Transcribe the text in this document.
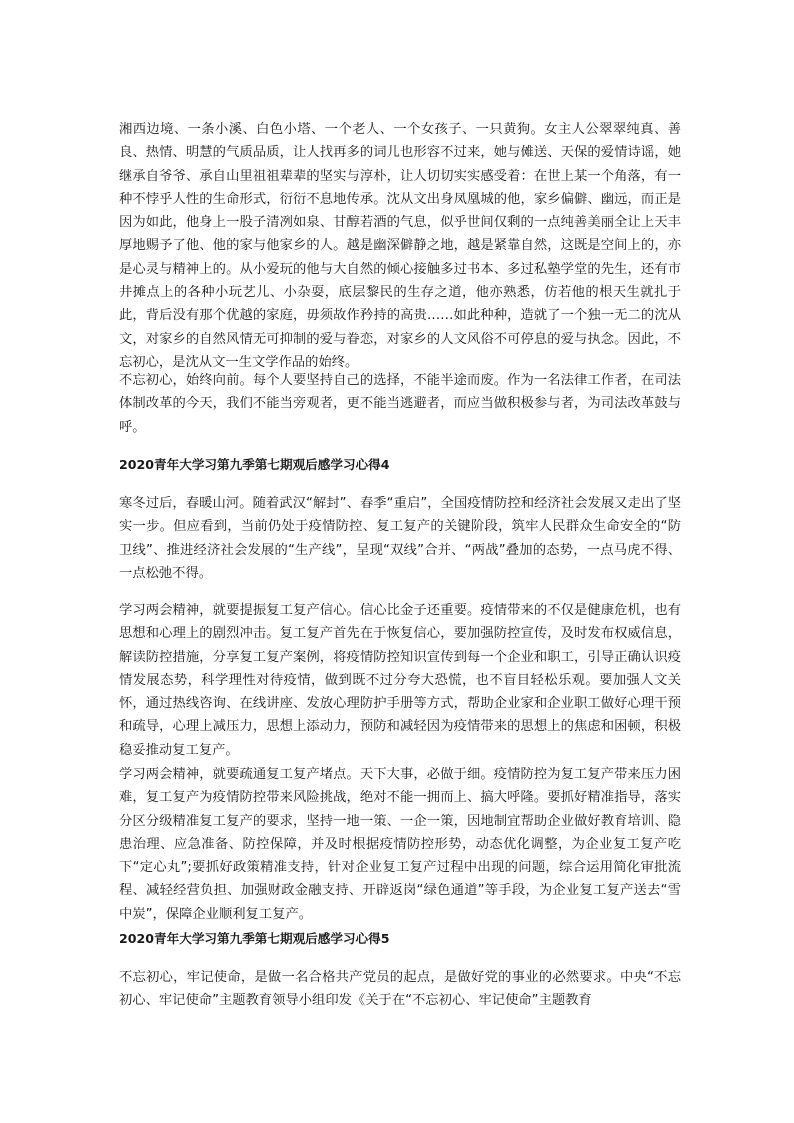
湘西边境、一条小溪、白色小塔、一个老人、一个女孩子、一只黄狗。女主人公翠翠纯真、善良、热情、明慧的气质品质，让人找再多的词儿也形容不过来，她与傩送、天保的爱情诗谣，她继承自爷爷、承自山里祖祖辈辈的坚实与淳朴，让人切切实实感受着：在世上某一个角落，有一种不悖乎人性的生命形式，衍衍不息地传承。沈从文出身凤凰城的他，家乡偏僻、幽远，而正是因为如此，他身上一股子清冽如泉、甘醇若酒的气息，似乎世间仅剩的一点纯善美丽全让上天丰厚地赐予了他、他的家与他家乡的人。越是幽深僻静之地，越是紧靠自然，这既是空间上的，亦是心灵与精神上的。从小爱玩的他与大自然的倾心接触多过书本、多过私塾学堂的先生，还有市井摊点上的各种小玩艺儿、小杂耍，底层黎民的生存之道，他亦熟悉，仿若他的根天生就扎于此，背后没有那个优越的家庭，毋须故作矜持的高贵……如此种种，造就了一个独一无二的沈从文，对家乡的自然风情无可抑制的爱与眷恋，对家乡的人文风俗不可停息的爱与执念。因此，不忘初心，是沈从文一生文学作品的始终。

不忘初心，始终向前。每个人要坚持自己的选择，不能半途而废。作为一名法律工作者，在司法体制改革的今天，我们不能当旁观者，更不能当逃避者，而应当做积极参与者，为司法改革鼓与呼。

2020青年大学习第九季第七期观后感学习心得4

寒冬过后，春暖山河。随着武汉“解封”、春季“重启”，全国疫情防控和经济社会发展又走出了坚实一步。但应看到，当前仍处于疫情防控、复工复产的关键阶段，筑牢人民群众生命安全的“防卫线”、推进经济社会发展的“生产线”，呈现“双线”合并、“两战”叠加的态势，一点马虎不得、一点松弛不得。

学习两会精神，就要提振复工复产信心。信心比金子还重要。疫情带来的不仅是健康危机，也有思想和心理上的剧烈冲击。复工复产首先在于恢复信心，要加强防控宣传，及时发布权威信息，解读防控措施，分享复工复产案例，将疫情防控知识宣传到每一个企业和职工，引导正确认识疫情发展态势，科学理性对待疫情，做到既不过分夸大恐慌，也不盲目轻松乐观。要加强人文关怀，通过热线咨询、在线讲座、发放心理防护手册等方式，帮助企业家和企业职工做好心理干预和疏导，心理上减压力，思想上添动力，预防和减轻因为疫情带来的思想上的焦虑和困顿，积极稳妥推动复工复产。

学习两会精神，就要疏通复工复产堵点。天下大事，必做于细。疫情防控为复工复产带来压力困难，复工复产为疫情防控带来风险挑战，绝对不能一拥而上、搞大呼隆。要抓好精准指导，落实分区分级精准复工复产的要求，坚持一地一策、一企一策，因地制宜帮助企业做好教育培训、隐患治理、应急准备、防控保障，并及时根据疫情防控形势，动态优化调整，为企业复工复产吃下“定心丸”;要抓好政策精准支持，针对企业复工复产过程中出现的问题，综合运用简化审批流程、减轻经营负担、加强财政金融支持、开辟返岗“绿色通道”等手段，为企业复工复产送去“雪中炭”，保障企业顺利复工复产。

2020青年大学习第九季第七期观后感学习心得5

不忘初心，牢记使命，是做一名合格共产党员的起点，是做好党的事业的必然要求。中央“不忘初心、牢记使命”主题教育领导小组印发《关于在“不忘初心、牢记使命”主题教育
